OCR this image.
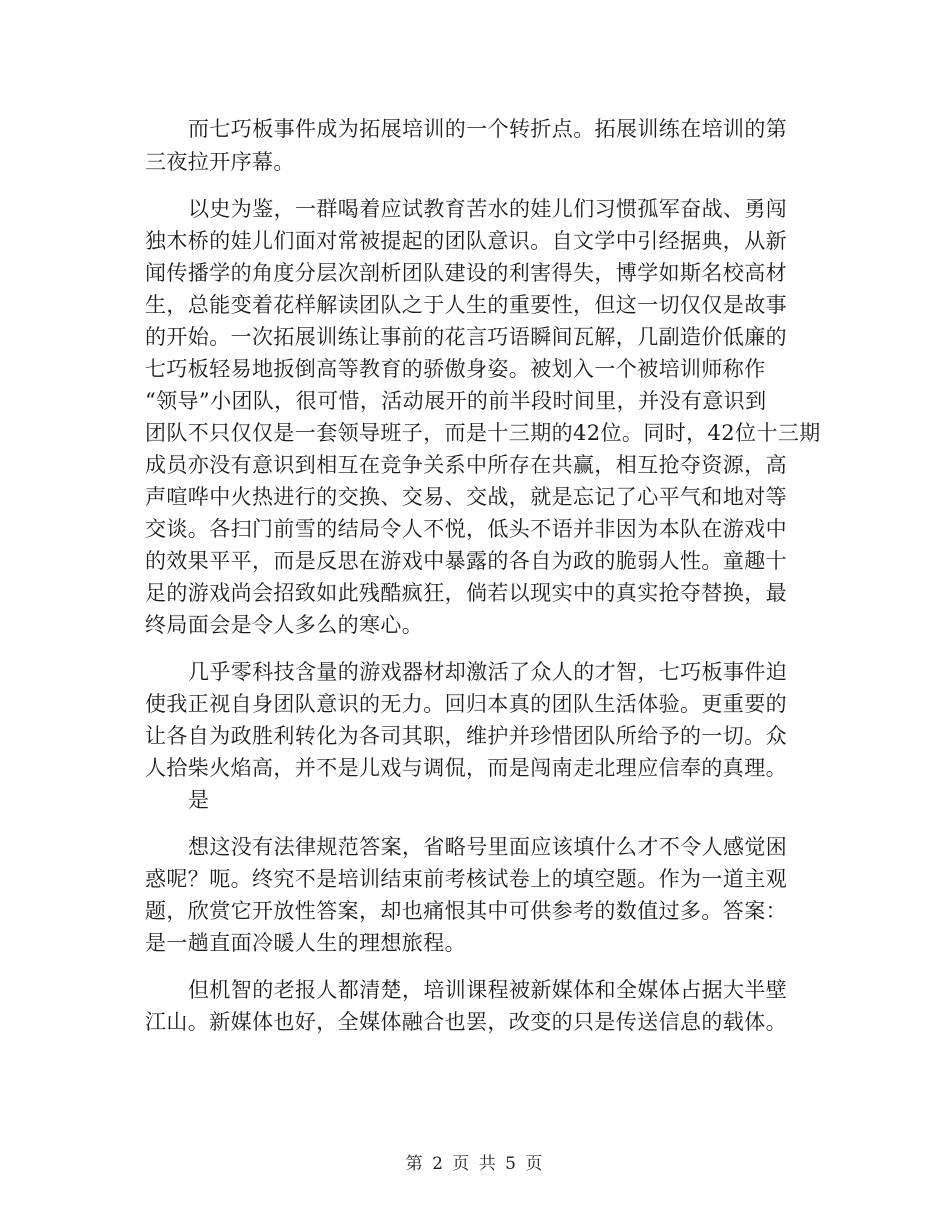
而七巧板事件成为拓展培训的一个转折点。拓展训练在培训的第
三夜拉开序幕。
以史为鉴，一群喝着应试教育苦水的娃儿们习惯孤军奋战、勇闯
独木桥的娃儿们面对常被提起的团队意识。自文学中引经据典，从新
闻传播学的角度分层次剖析团队建设的利害得失，博学如斯名校高材
生，总能变着花样解读团队之于人生的重要性，但这一切仅仅是故事
的开始。一次拓展训练让事前的花言巧语瞬间瓦解，几副造价低廉的
七巧板轻易地扳倒高等教育的骄傲身姿。被划入一个被培训师称作
“领导”小团队，很可惜，活动展开的前半段时间里，并没有意识到
团队不只仅仅是一套领导班子，而是十三期的42位。同时，42位十三期
成员亦没有意识到相互在竞争关系中所存在共赢，相互抢夺资源，高
声喧哗中火热进行的交换、交易、交战，就是忘记了心平气和地对等
交谈。各扫门前雪的结局令人不悦，低头不语并非因为本队在游戏中
的效果平平，而是反思在游戏中暴露的各自为政的脆弱人性。童趣十
足的游戏尚会招致如此残酷疯狂，倘若以现实中的真实抢夺替换，最
终局面会是令人多么的寒心。
几乎零科技含量的游戏器材却激活了众人的才智，七巧板事件迫
使我正视自身团队意识的无力。回归本真的团队生活体验。更重要的
让各自为政胜利转化为各司其职，维护并珍惜团队所给予的一切。众
人拾柴火焰高，并不是儿戏与调侃，而是闯南走北理应信奉的真理。
是
想这没有法律规范答案，省略号里面应该填什么才不令人感觉困
惑呢？呃。终究不是培训结束前考核试卷上的填空题。作为一道主观
题，欣赏它开放性答案，却也痛恨其中可供参考的数值过多。答案：
是一趟直面冷暖人生的理想旅程。
但机智的老报人都清楚，培训课程被新媒体和全媒体占据大半壁
江山。新媒体也好，全媒体融合也罢，改变的只是传送信息的载体。
第 2 页 共 5 页
